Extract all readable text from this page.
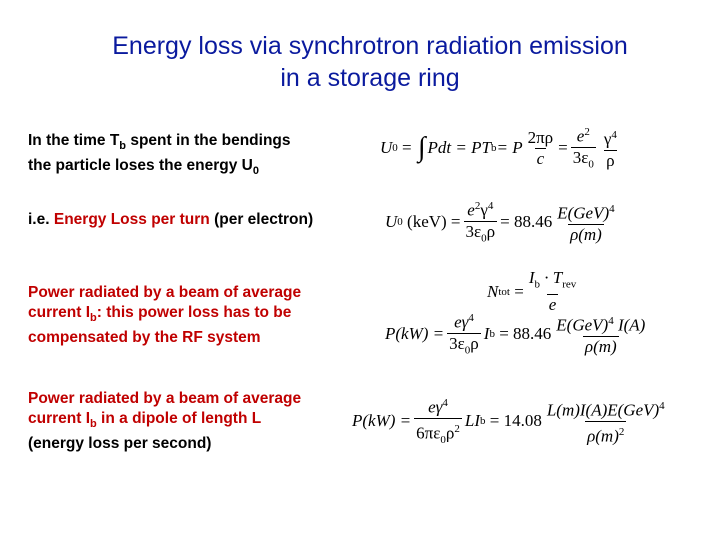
Energy loss via synchrotron radiation emission
in a storage ring
In the time $T_b$ spent in the bendings
the particle loses the energy $U_0$
i.e. Energy Loss per turn (per electron)
Power radiated by a beam of average
current $I_b$: this power loss has to be
compensated by the RF system
Power radiated by a beam of average
current $I_b$ in a dipole of length L
(energy loss per second)
U 0 = ∫ Pdt = PT b = P $\frac{2\pi\rho}{c} = \frac{e^2}{3\varepsilon_0} \frac{\gamma^4}{\rho}$
U 0
$(keV) = \frac{e^2\gamma^4}{3\varepsilon_0\rho} = 88.46 \frac{E(GeV)^4}{\rho(m)}$
N tot
= $\frac{I_b \cdot T_{rev}}{e}$
$P(kW) = \frac{e\gamma^4}{3\varepsilon_0\rho}$ I b
= $88.46 \frac{E(GeV)^4 I(A)}{\rho(m)}$
$P(kW) = \frac{e\gamma^4}{6\pi\varepsilon_0\rho^2}$ LI b
= $14.08 \frac{L(m)I(A)E(GeV)^4}{\rho(m)^2}$
